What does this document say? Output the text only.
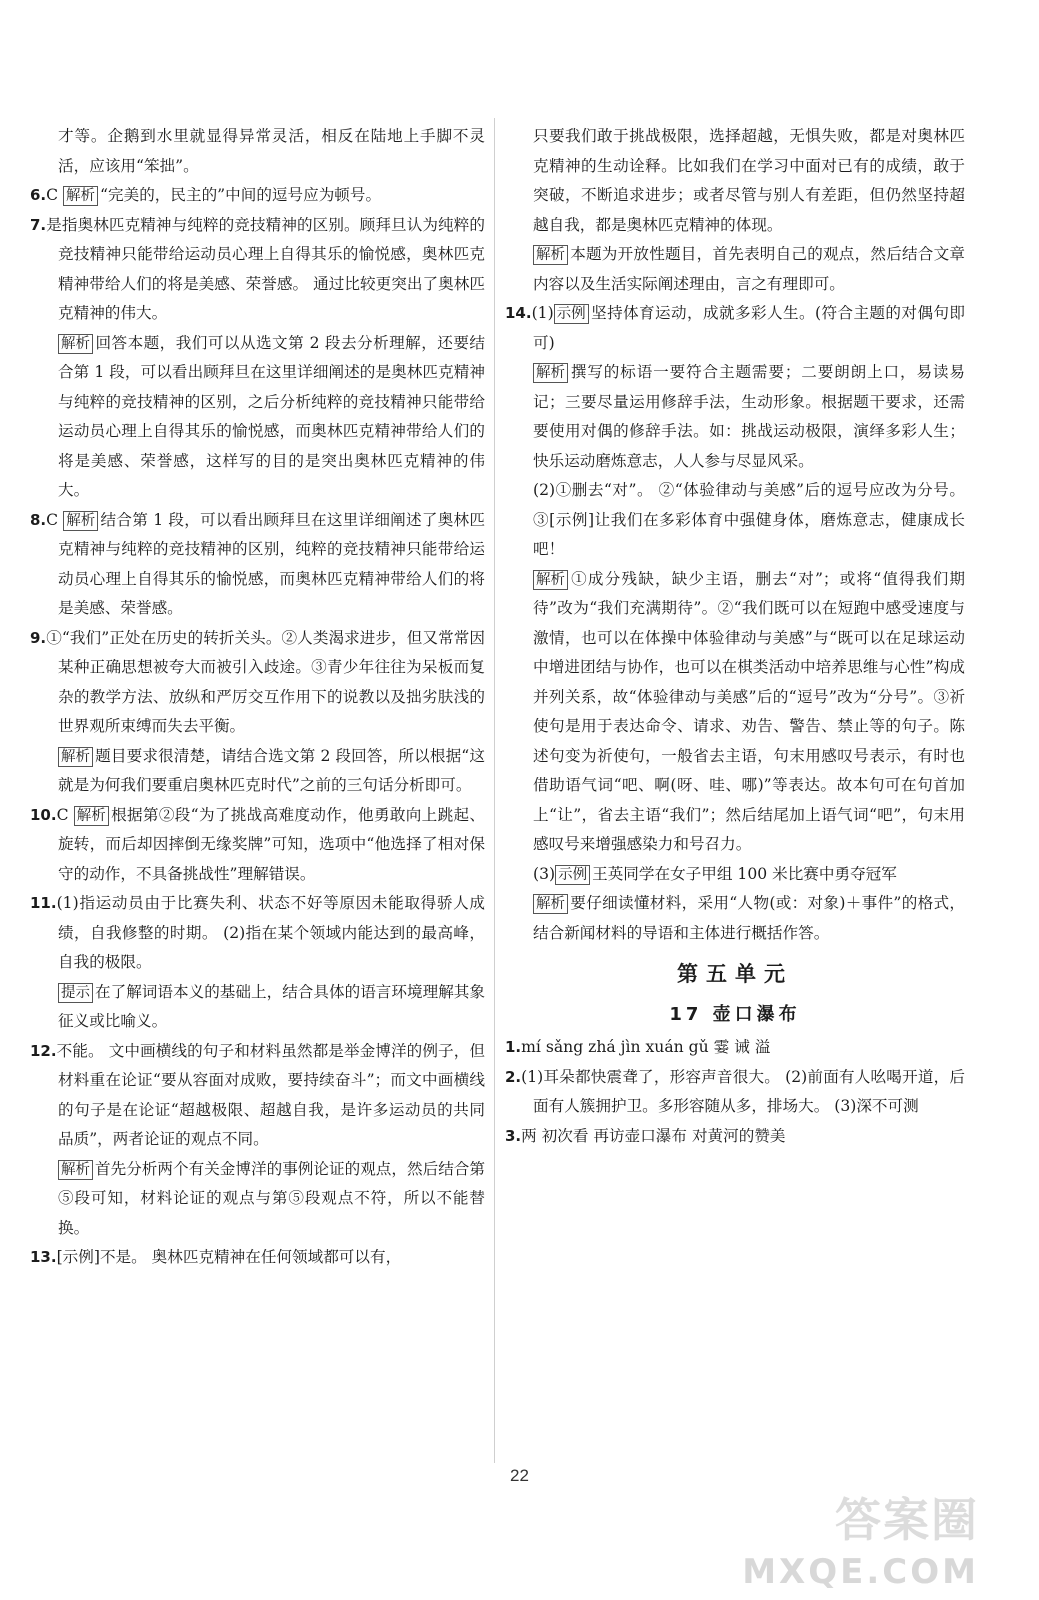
才等。企鹅到水里就显得异常灵活，相反在陆地上手脚不灵活，应该用“笨拙”。

6.C 解析 “完美的，民主的”中间的逗号应为顿号。

7.是指奥林匹克精神与纯粹的竞技精神的区别。顾拜旦认为纯粹的竞技精神只能带给运动员心理上自得其乐的愉悦感，奥林匹克精神带给人们的将是美感、荣誉感。 通过比较更突出了奥林匹克精神的伟大。

解析 回答本题，我们可以从选文第 2 段去分析理解，还要结合第 1 段，可以看出顾拜旦在这里详细阐述的是奥林匹克精神与纯粹的竞技精神的区别，之后分析纯粹的竞技精神只能带给运动员心理上自得其乐的愉悦感，而奥林匹克精神带给人们的将是美感、荣誉感，这样写的目的是突出奥林匹克精神的伟大。

8.C 解析 结合第 1 段，可以看出顾拜旦在这里详细阐述了奥林匹克精神与纯粹的竞技精神的区别，纯粹的竞技精神只能带给运动员心理上自得其乐的愉悦感，而奥林匹克精神带给人们的将是美感、荣誉感。

9.①“我们”正处在历史的转折关头。②人类渴求进步，但又常常因某种正确思想被夸大而被引入歧途。③青少年往往为呆板而复杂的教学方法、放纵和严厉交互作用下的说教以及拙劣肤浅的世界观所束缚而失去平衡。

解析 题目要求很清楚，请结合选文第 2 段回答，所以根据“这就是为何我们要重启奥林匹克时代”之前的三句话分析即可。

10.C 解析 根据第②段“为了挑战高难度动作，他勇敢向上跳起、旋转，而后却因摔倒无缘奖牌”可知，选项中“他选择了相对保守的动作，不具备挑战性”理解错误。

11.(1)指运动员由于比赛失利、状态不好等原因未能取得骄人成绩，自我修整的时期。 (2)指在某个领域内能达到的最高峰，自我的极限。

提示 在了解词语本义的基础上，结合具体的语言环境理解其象征义或比喻义。

12.不能。 文中画横线的句子和材料虽然都是举金博洋的例子，但材料重在论证“要从容面对成败，要持续奋斗”；而文中画横线的句子是在论证“超越极限、超越自我，是许多运动员的共同品质”，两者论证的观点不同。

解析 首先分析两个有关金博洋的事例论证的观点，然后结合第⑤段可知，材料论证的观点与第⑤段观点不符，所以不能替换。

13.[示例]不是。 奥林匹克精神在任何领域都可以有，

只要我们敢于挑战极限，选择超越，无惧失败，都是对奥林匹克精神的生动诠释。比如我们在学习中面对已有的成绩，敢于突破，不断追求进步；或者尽管与别人有差距，但仍然坚持超越自我，都是奥林匹克精神的体现。

解析 本题为开放性题目，首先表明自己的观点，然后结合文章内容以及生活实际阐述理由，言之有理即可。

14.(1) 示例 坚持体育运动，成就多彩人生。(符合主题的对偶句即可)

解析 撰写的标语一要符合主题需要；二要朗朗上口，易读易记；三要尽量运用修辞手法，生动形象。根据题干要求，还需要使用对偶的修辞手法。如：挑战运动极限，演绎多彩人生；快乐运动磨炼意志，人人参与尽显风采。

(2)①删去“对”。 ②“体验律动与美感”后的逗号应改为分号。 ③[示例]让我们在多彩体育中强健身体，磨炼意志，健康成长吧！

解析 ①成分残缺，缺少主语，删去“对”；或将“值得我们期待”改为“我们充满期待”。②“我们既可以在短跑中感受速度与激情，也可以在体操中体验律动与美感”与“既可以在足球运动中增进团结与协作，也可以在棋类活动中培养思维与心性”构成并列关系，故“体验律动与美感”后的“逗号”改为“分号”。③祈使句是用于表达命令、请求、劝告、警告、禁止等的句子。陈述句变为祈使句，一般省去主语，句末用感叹号表示，有时也借助语气词“吧、啊(呀、哇、哪)”等表达。故本句可在句首加上“让”，省去主语“我们”；然后结尾加上语气词“吧”，句末用感叹号来增强感染力和号召力。

(3) 示例 王英同学在女子甲组 100 米比赛中勇夺冠军

解析 要仔细读懂材料，采用“人物(或：对象)＋事件”的格式，结合新闻材料的导语和主体进行概括作答。

第五单元
17 壶口瀑布

1.mí sǎng zhá jìn xuán gǔ 霎 诫 溢

2.(1)耳朵都快震聋了，形容声音很大。 (2)前面有人吆喝开道，后面有人簇拥护卫。多形容随从多，排场大。 (3)深不可测

3.两 初次看 再访壶口瀑布 对黄河的赞美

22
答案圈
MXQE.COM
